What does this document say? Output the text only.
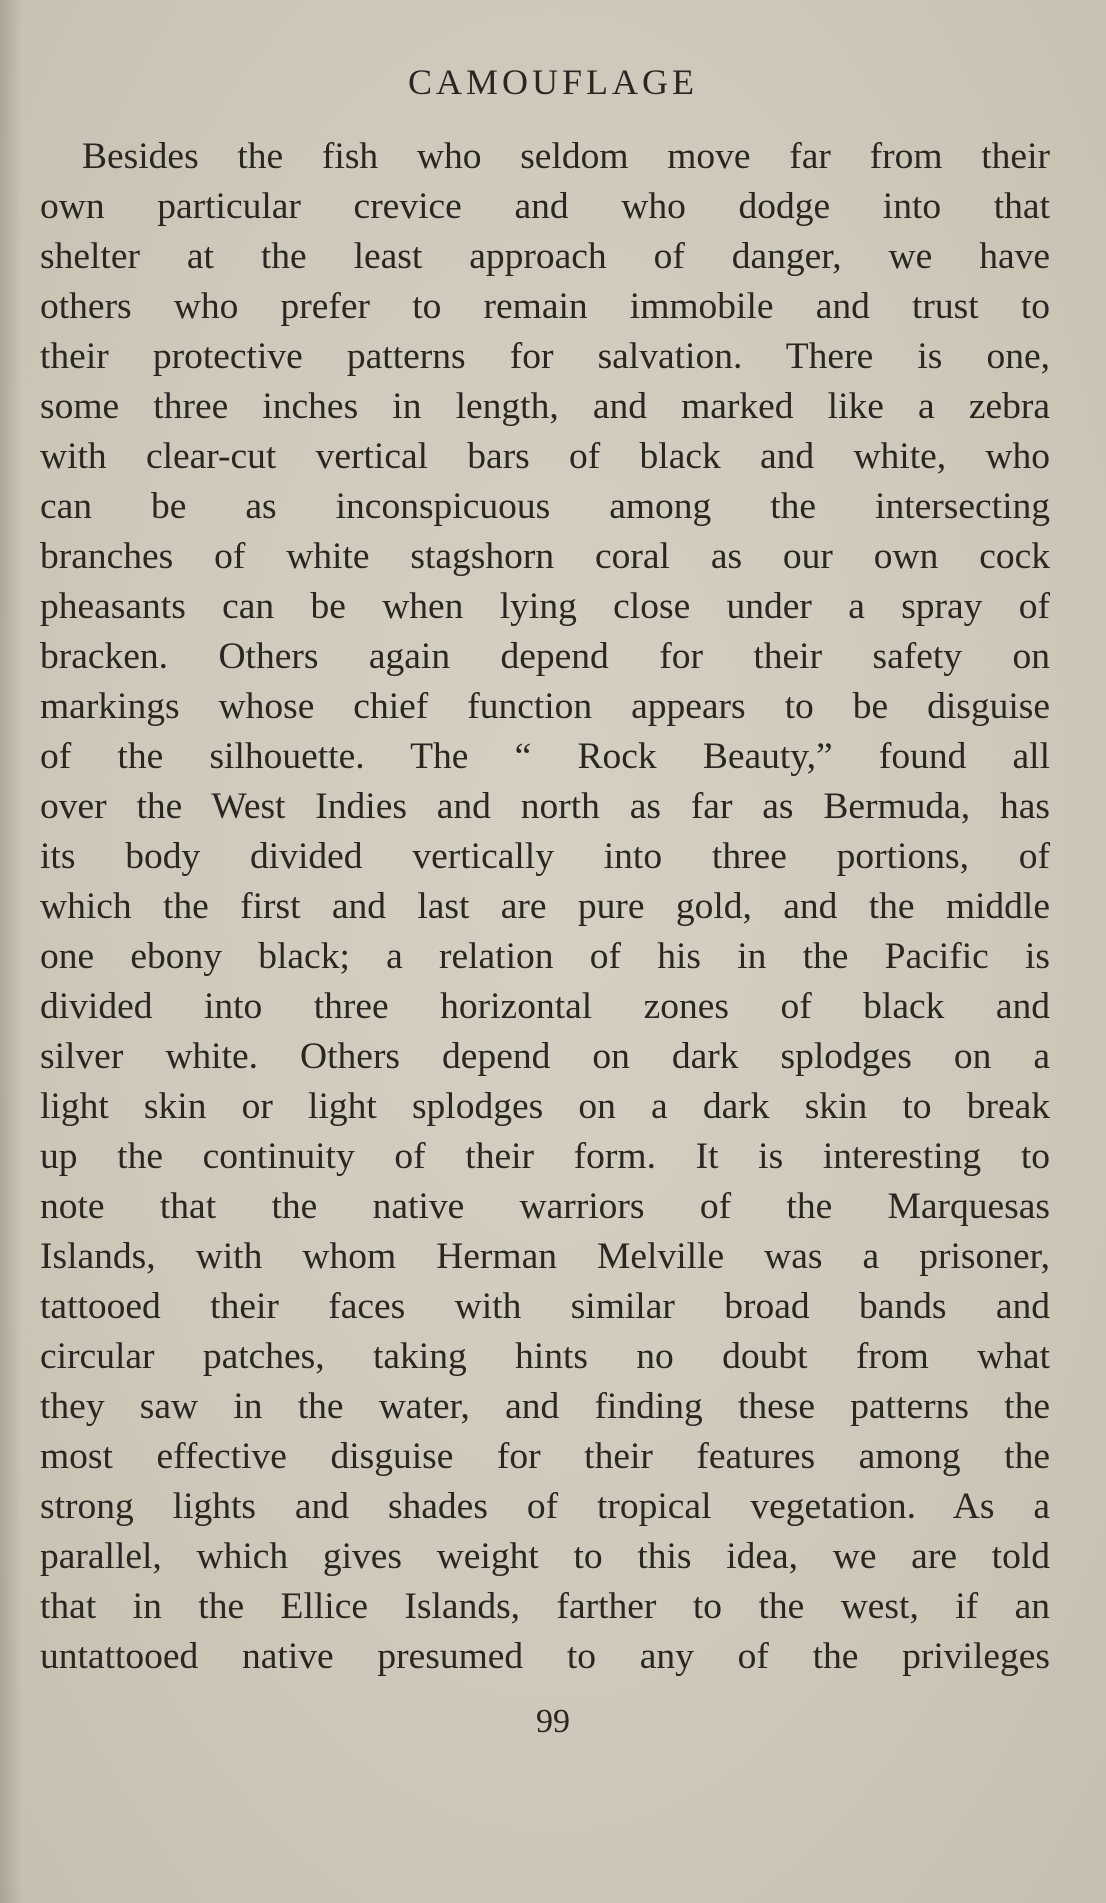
CAMOUFLAGE
Besides the fish who seldom move far from their
own particular crevice and who dodge into that
shelter at the least approach of danger, we have
others who prefer to remain immobile and trust to
their protective patterns for salvation. There is one,
some three inches in length, and marked like a zebra
with clear-cut vertical bars of black and white, who
can be as inconspicuous among the intersecting
branches of white stagshorn coral as our own cock
pheasants can be when lying close under a spray of
bracken. Others again depend for their safety on
markings whose chief function appears to be disguise
of the silhouette. The “ Rock Beauty,” found all
over the West Indies and north as far as Bermuda, has
its body divided vertically into three portions, of
which the first and last are pure gold, and the middle
one ebony black; a relation of his in the Pacific is
divided into three horizontal zones of black and
silver white. Others depend on dark splodges on a
light skin or light splodges on a dark skin to break
up the continuity of their form. It is interesting to
note that the native warriors of the Marquesas
Islands, with whom Herman Melville was a prisoner,
tattooed their faces with similar broad bands and
circular patches, taking hints no doubt from what
they saw in the water, and finding these patterns the
most effective disguise for their features among the
strong lights and shades of tropical vegetation. As a
parallel, which gives weight to this idea, we are told
that in the Ellice Islands, farther to the west, if an
untattooed native presumed to any of the privileges
99
